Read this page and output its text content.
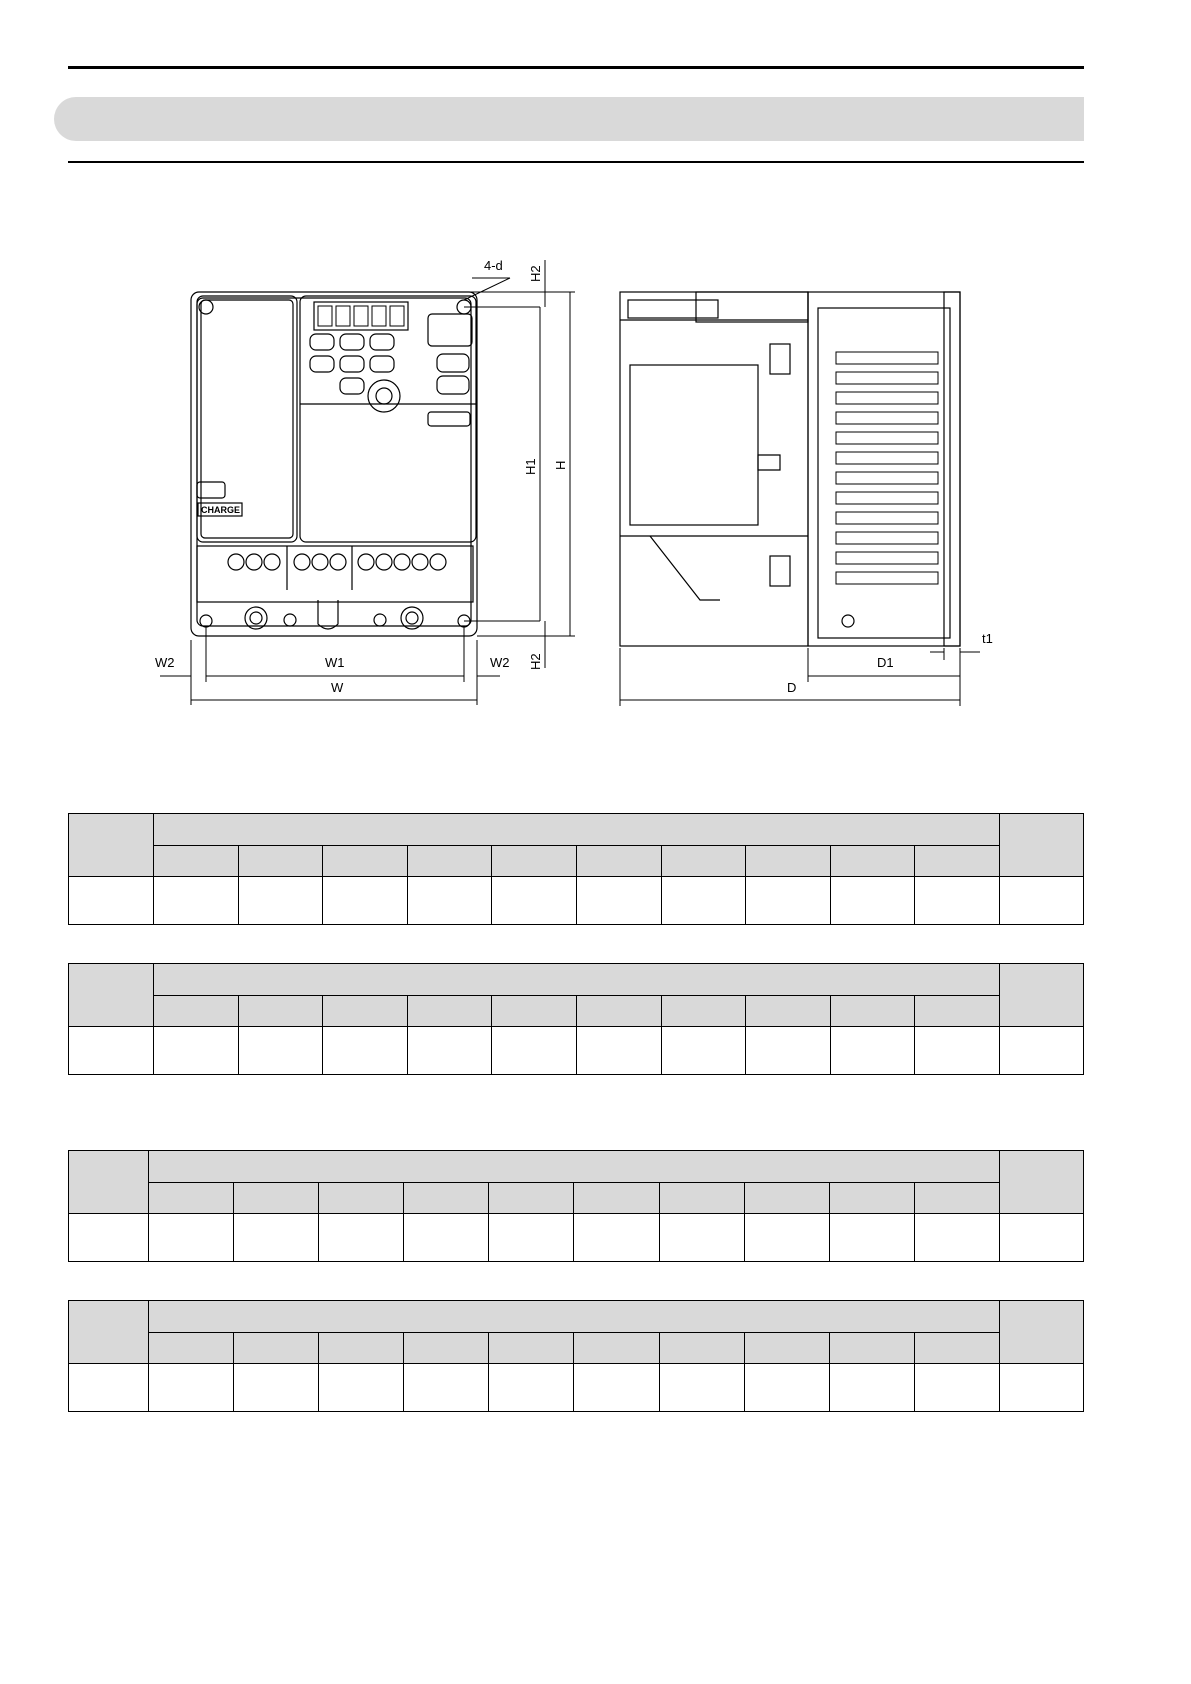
4-d H2
H1 H
H2
W2	W1	W2
W
D1
D
t1
CHARGE
